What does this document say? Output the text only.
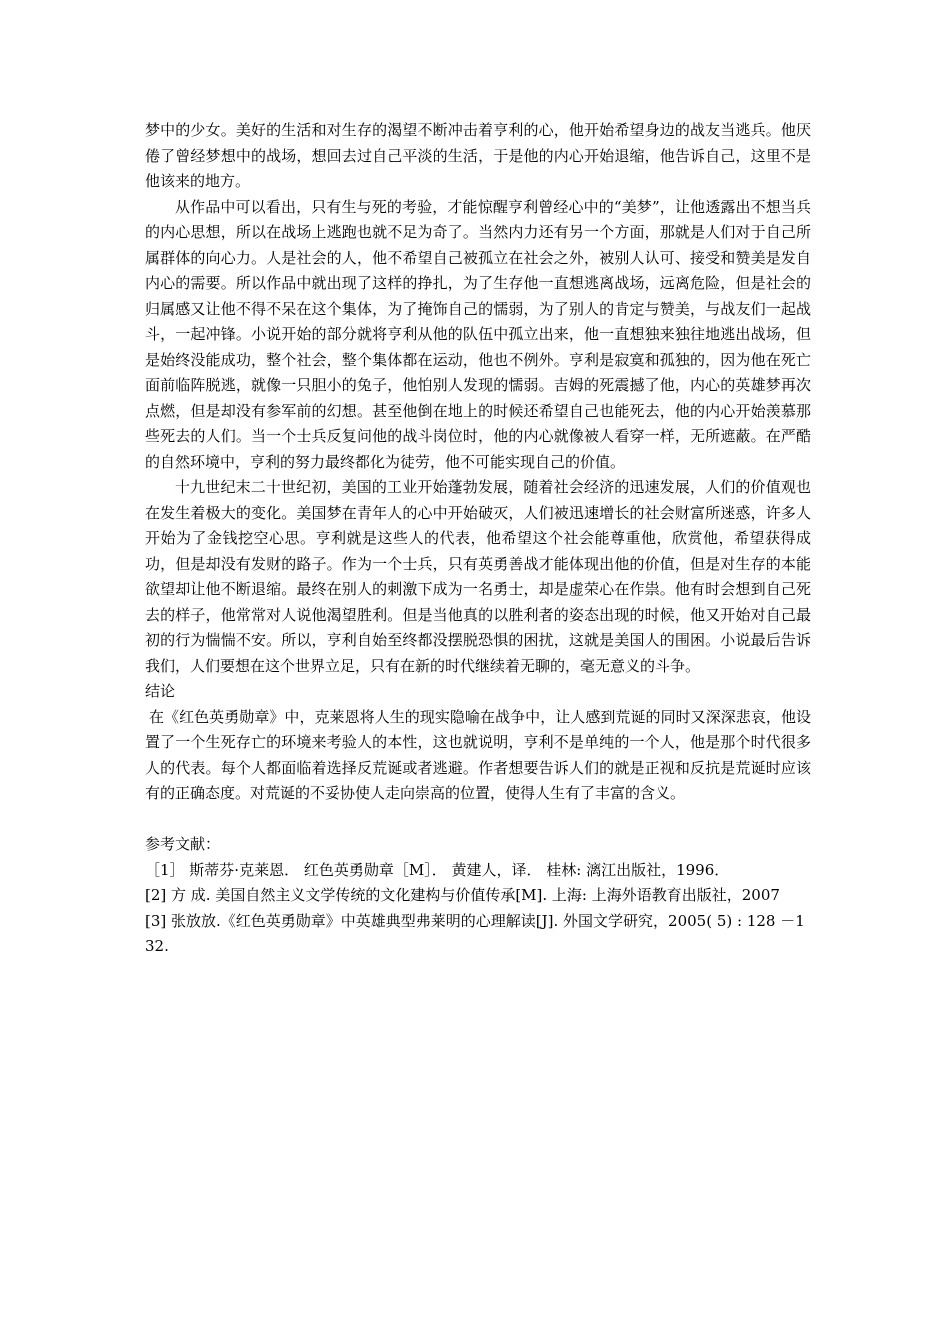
梦中的少女。美好的生活和对生存的渴望不断冲击着亨利的心，他开始希望身边的战友当逃兵。他厌倦了曾经梦想中的战场，想回去过自己平淡的生活，于是他的内心开始退缩，他告诉自己，这里不是他该来的地方。

从作品中可以看出，只有生与死的考验，才能惊醒亨利曾经心中的“美梦”，让他透露出不想当兵的内心思想，所以在战场上逃跑也就不足为奇了。当然内力还有另一个方面，那就是人们对于自己所属群体的向心力。人是社会的人，他不希望自己被孤立在社会之外，被别人认可、接受和赞美是发自内心的需要。所以作品中就出现了这样的挣扎，为了生存他一直想逃离战场，远离危险，但是社会的归属感又让他不得不呆在这个集体，为了掩饰自己的懦弱，为了别人的肯定与赞美，与战友们一起战斗，一起冲锋。小说开始的部分就将亨利从他的队伍中孤立出来，他一直想独来独往地逃出战场，但是始终没能成功，整个社会，整个集体都在运动，他也不例外。亨利是寂寞和孤独的，因为他在死亡面前临阵脱逃，就像一只胆小的兔子，他怕别人发现的懦弱。吉姆的死震撼了他，内心的英雄梦再次点燃，但是却没有参军前的幻想。甚至他倒在地上的时候还希望自己也能死去，他的内心开始羡慕那些死去的人们。当一个士兵反复问他的战斗岗位时，他的内心就像被人看穿一样，无所遮蔽。在严酷的自然环境中，亨利的努力最终都化为徒劳，他不可能实现自己的价值。

十九世纪末二十世纪初，美国的工业开始蓬勃发展，随着社会经济的迅速发展，人们的价值观也在发生着极大的变化。美国梦在青年人的心中开始破灭，人们被迅速增长的社会财富所迷惑，许多人开始为了金钱挖空心思。亨利就是这些人的代表，他希望这个社会能尊重他，欣赏他，希望获得成功，但是却没有发财的路子。作为一个士兵，只有英勇善战才能体现出他的价值，但是对生存的本能欲望却让他不断退缩。最终在别人的刺激下成为一名勇士，却是虚荣心在作祟。他有时会想到自己死去的样子，他常常对人说他渴望胜利。但是当他真的以胜利者的姿态出现的时候，他又开始对自己最初的行为惴惴不安。所以，亨利自始至终都没摆脱恐惧的困扰，这就是美国人的围困。小说最后告诉我们，人们要想在这个世界立足，只有在新的时代继续着无聊的，毫无意义的斗争。

结论

在《红色英勇勋章》中，克莱恩将人生的现实隐喻在战争中，让人感到荒诞的同时又深深悲哀，他设置了一个生死存亡的环境来考验人的本性，这也就说明，亨利不是单纯的一个人，他是那个时代很多人的代表。每个人都面临着选择反荒诞或者逃避。作者想要告诉人们的就是正视和反抗是荒诞时应该有的正确态度。对荒诞的不妥协使人走向崇高的位置，使得人生有了丰富的含义。

参考文献：

［1］ 斯蒂芬·克莱恩． 红色英勇勋章［M］． 黄建人，译． 桂林: 漓江出版社，1996．

[2] 方 成. 美国自然主义文学传统的文化建构与价值传承[M]. 上海: 上海外语教育出版社，2007

[3] 张放放.《红色英勇勋章》中英雄典型弗莱明的心理解读[J]. 外国文学研究，2005( 5) : 128 －132.
